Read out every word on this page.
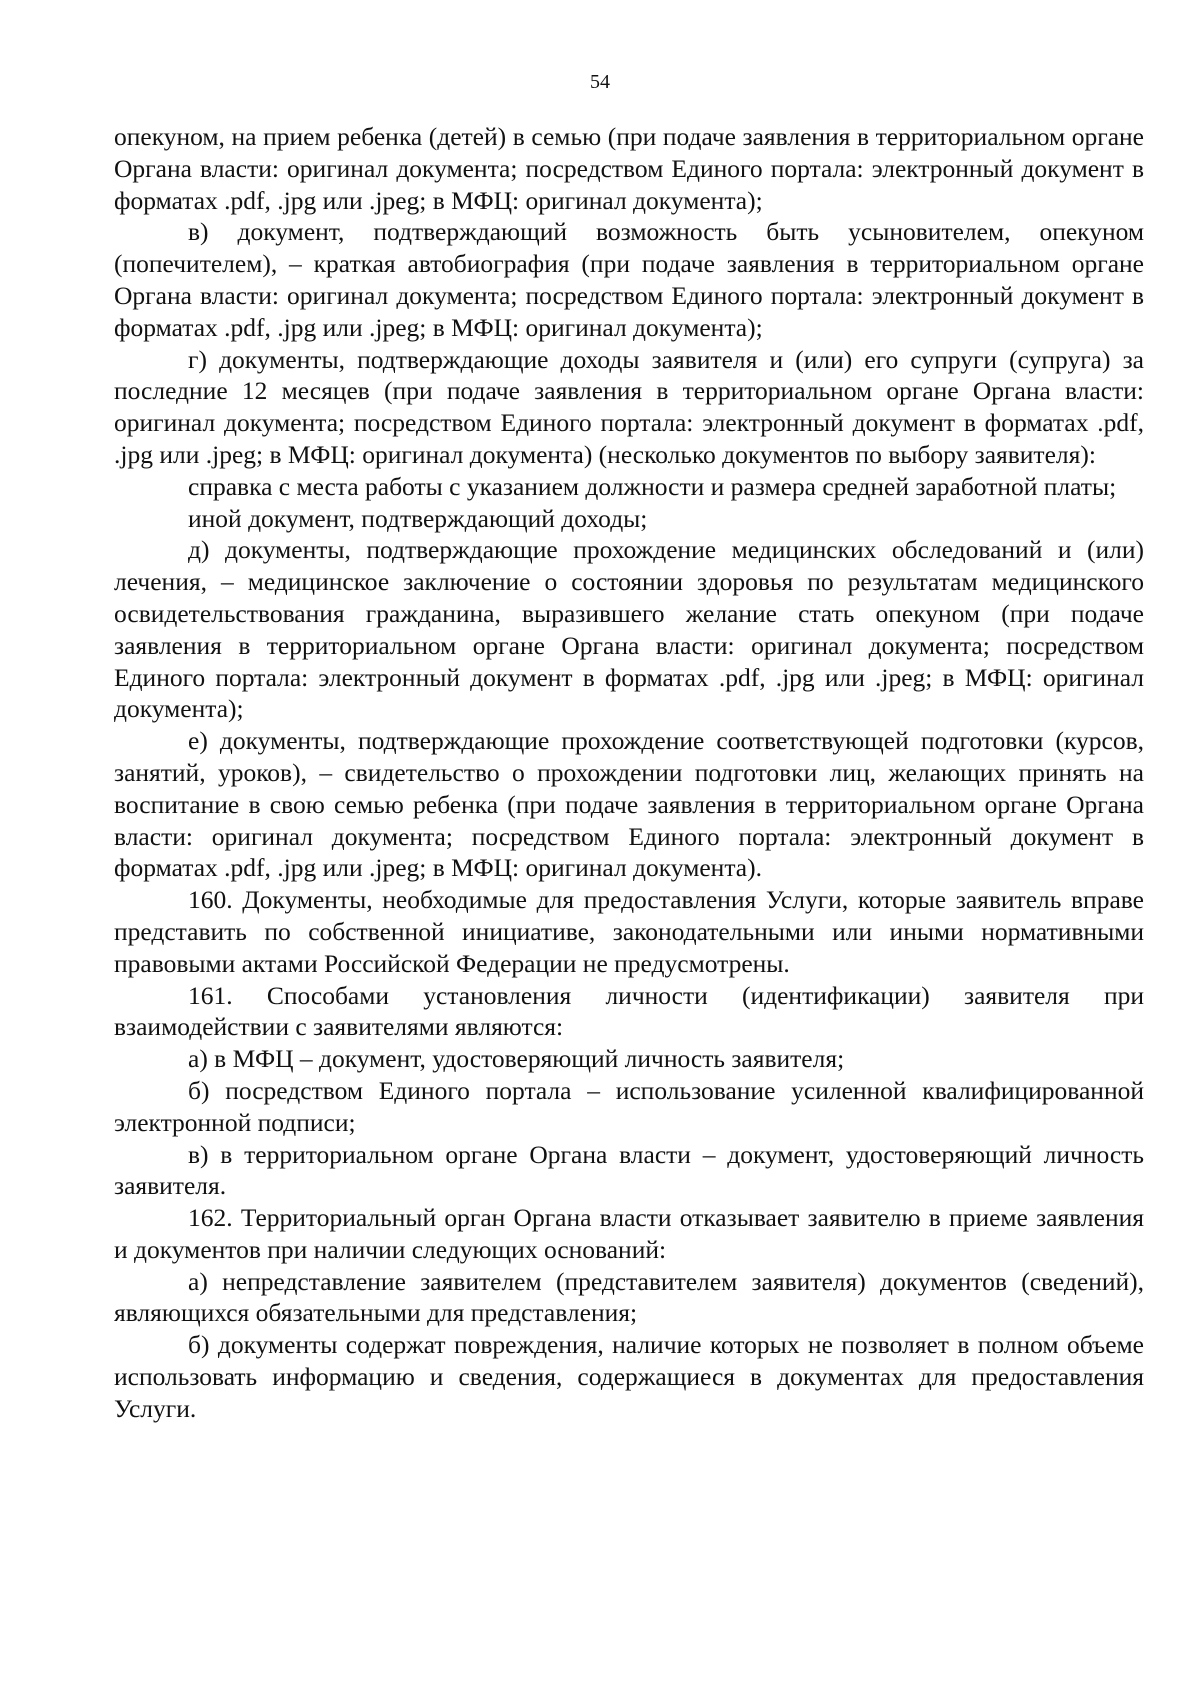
54

опекуном, на прием ребенка (детей) в семью (при подаче заявления в территориальном органе Органа власти: оригинал документа; посредством Единого портала: электронный документ в форматах .pdf, .jpg или .jpeg; в МФЦ: оригинал документа);

в) документ, подтверждающий возможность быть усыновителем, опекуном (попечителем), – краткая автобиография (при подаче заявления в территориальном органе Органа власти: оригинал документа; посредством Единого портала: электронный документ в форматах .pdf, .jpg или .jpeg; в МФЦ: оригинал документа);

г) документы, подтверждающие доходы заявителя и (или) его супруги (супруга) за последние 12 месяцев (при подаче заявления в территориальном органе Органа власти: оригинал документа; посредством Единого портала: электронный документ в форматах .pdf, .jpg или .jpeg; в МФЦ: оригинал документа) (несколько документов по выбору заявителя):

справка с места работы с указанием должности и размера средней заработной платы;

иной документ, подтверждающий доходы;

д) документы, подтверждающие прохождение медицинских обследований и (или) лечения, – медицинское заключение о состоянии здоровья по результатам медицинского освидетельствования гражданина, выразившего желание стать опекуном (при подаче заявления в территориальном органе Органа власти: оригинал документа; посредством Единого портала: электронный документ в форматах .pdf, .jpg или .jpeg; в МФЦ: оригинал документа);

е) документы, подтверждающие прохождение соответствующей подготовки (курсов, занятий, уроков), – свидетельство о прохождении подготовки лиц, желающих принять на воспитание в свою семью ребенка (при подаче заявления в территориальном органе Органа власти: оригинал документа; посредством Единого портала: электронный документ в форматах .pdf, .jpg или .jpeg; в МФЦ: оригинал документа).

160. Документы, необходимые для предоставления Услуги, которые заявитель вправе представить по собственной инициативе, законодательными или иными нормативными правовыми актами Российской Федерации не предусмотрены.

161. Способами установления личности (идентификации) заявителя при взаимодействии с заявителями являются:

а) в МФЦ – документ, удостоверяющий личность заявителя;

б) посредством Единого портала – использование усиленной квалифицированной электронной подписи;

в) в территориальном органе Органа власти – документ, удостоверяющий личность заявителя.

162. Территориальный орган Органа власти отказывает заявителю в приеме заявления и документов при наличии следующих оснований:

а) непредставление заявителем (представителем заявителя) документов (сведений), являющихся обязательными для представления;

б) документы содержат повреждения, наличие которых не позволяет в полном объеме использовать информацию и сведения, содержащиеся в документах для предоставления Услуги.
